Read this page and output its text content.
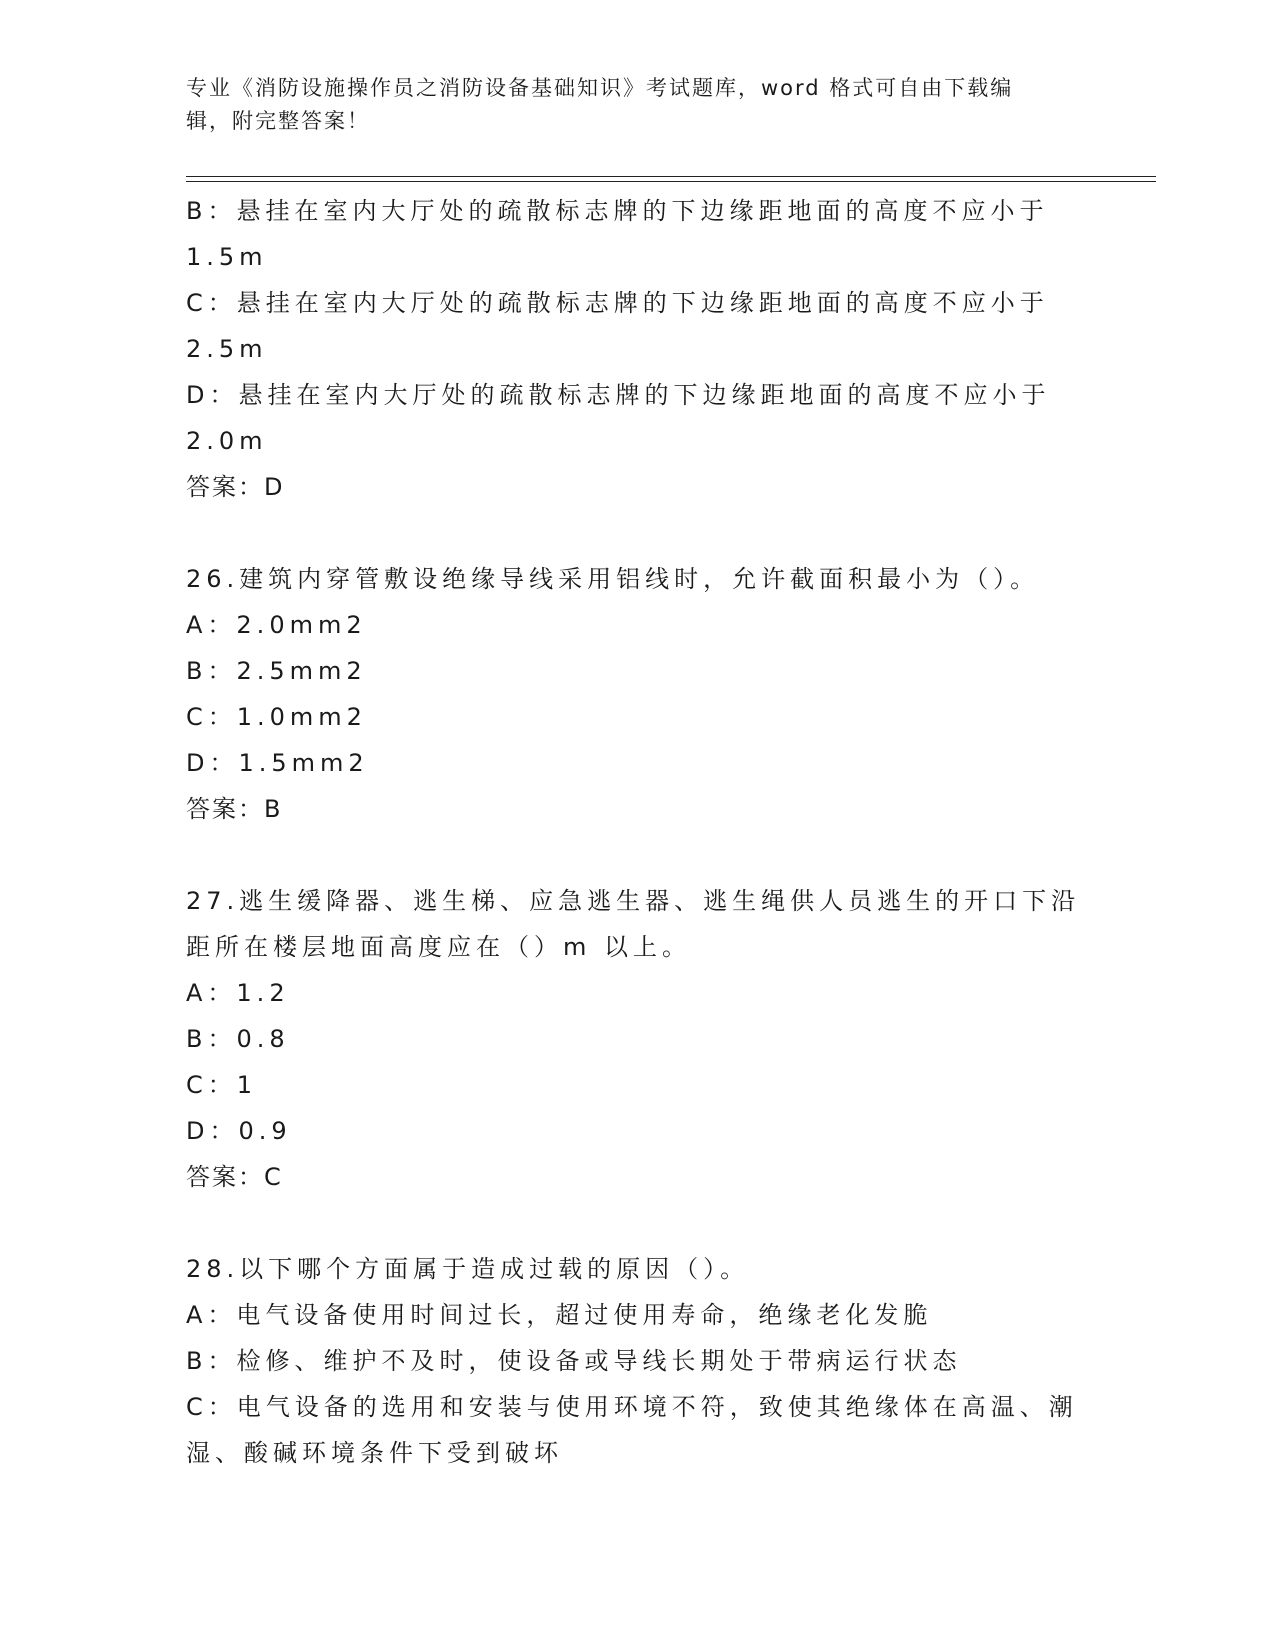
专业《消防设施操作员之消防设备基础知识》考试题库，word 格式可自由下载编
辑，附完整答案！
B：悬挂在室内大厅处的疏散标志牌的下边缘距地面的高度不应小于
1.5m
C：悬挂在室内大厅处的疏散标志牌的下边缘距地面的高度不应小于
2.5m
D：悬挂在室内大厅处的疏散标志牌的下边缘距地面的高度不应小于
2.0m
答案：D
26.建筑内穿管敷设绝缘导线采用铝线时，允许截面积最小为（）。
A：2.0mm2
B：2.5mm2
C：1.0mm2
D：1.5mm2
答案：B
27.逃生缓降器、逃生梯、应急逃生器、逃生绳供人员逃生的开口下沿
距所在楼层地面高度应在（）m 以上。
A：1.2
B：0.8
C：1
D：0.9
答案：C
28.以下哪个方面属于造成过载的原因（）。
A：电气设备使用时间过长，超过使用寿命，绝缘老化发脆
B：检修、维护不及时，使设备或导线长期处于带病运行状态
C：电气设备的选用和安装与使用环境不符，致使其绝缘体在高温、潮
湿、酸碱环境条件下受到破坏
